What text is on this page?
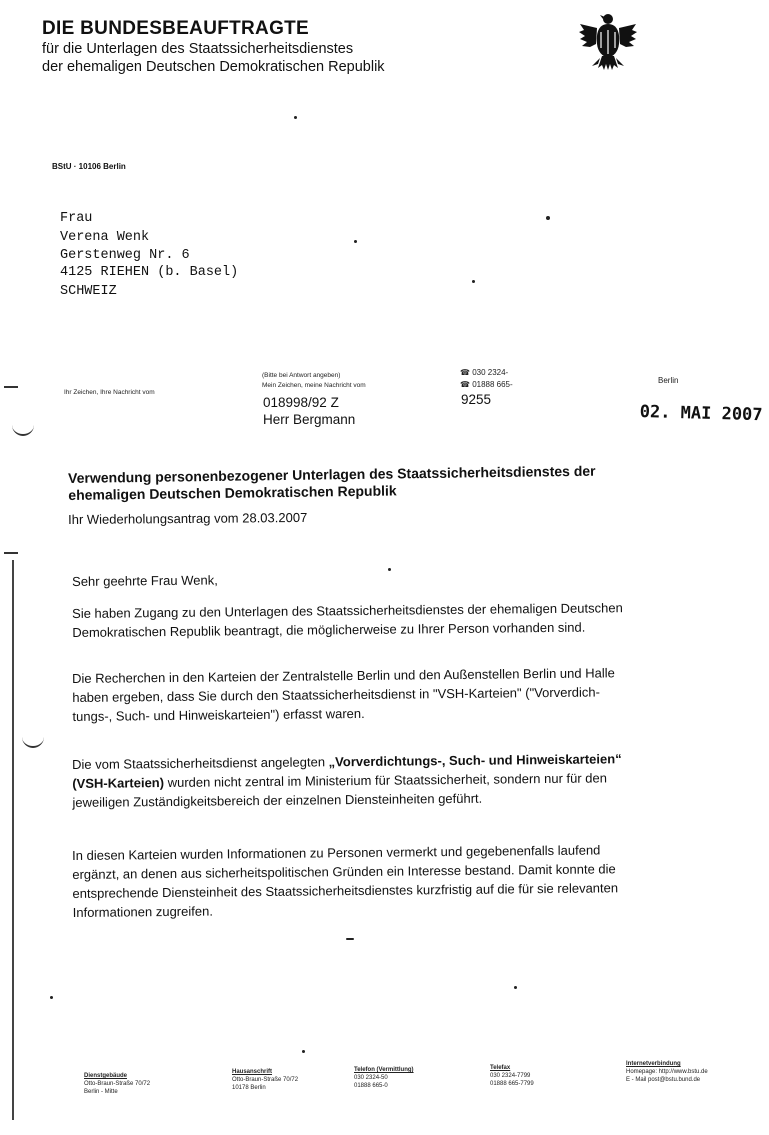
DIE BUNDESBEAUFTRAGTE
für die Unterlagen des Staatssicherheitsdienstes
der ehemaligen Deutschen Demokratischen Republik
BStU · 10106 Berlin
Frau
Verena Wenk
Gerstenweg Nr. 6
4125 RIEHEN (b. Basel)
SCHWEIZ
Ihr Zeichen, Ihre Nachricht vom
(Bitte bei Antwort angeben)
Mein Zeichen, meine Nachricht vom
018998/92 Z
Herr Bergmann
☎ 030 2324-
☎ 01888 665-
9255
Berlin
02. MAI 2007
Verwendung personenbezogener Unterlagen des Staatssicherheitsdienstes der
ehemaligen Deutschen Demokratischen Republik
Ihr Wiederholungsantrag vom 28.03.2007
Sehr geehrte Frau Wenk,
Sie haben Zugang zu den Unterlagen des Staatssicherheitsdienstes der ehemaligen Deutschen
Demokratischen Republik beantragt, die möglicherweise zu Ihrer Person vorhanden sind.
Die Recherchen in den Karteien der Zentralstelle Berlin und den Außenstellen Berlin und Halle
haben ergeben, dass Sie durch den Staatssicherheitsdienst in "VSH-Karteien" ("Vorverdich-
tungs-, Such- und Hinweiskarteien") erfasst waren.
Die vom Staatssicherheitsdienst angelegten „Vorverdichtungs-, Such- und Hinweiskarteien“
(VSH-Karteien) wurden nicht zentral im Ministerium für Staatssicherheit, sondern nur für den
jeweiligen Zuständigkeitsbereich der einzelnen Diensteinheiten geführt.
In diesen Karteien wurden Informationen zu Personen vermerkt und gegebenenfalls laufend
ergänzt, an denen aus sicherheitspolitischen Gründen ein Interesse bestand. Damit konnte die
entsprechende Diensteinheit des Staatssicherheitsdienstes kurzfristig auf die für sie relevanten
Informationen zugreifen.
Dienstgebäude
Otto-Braun-Straße 70/72
Berlin - Mitte
Hausanschrift
Otto-Braun-Straße 70/72
10178 Berlin
Telefon (Vermittlung)
030 2324-50
01888 665-0
Telefax
030 2324-7799
01888 665-7799
Internetverbindung
Homepage: http://www.bstu.de
E - Mail post@bstu.bund.de
